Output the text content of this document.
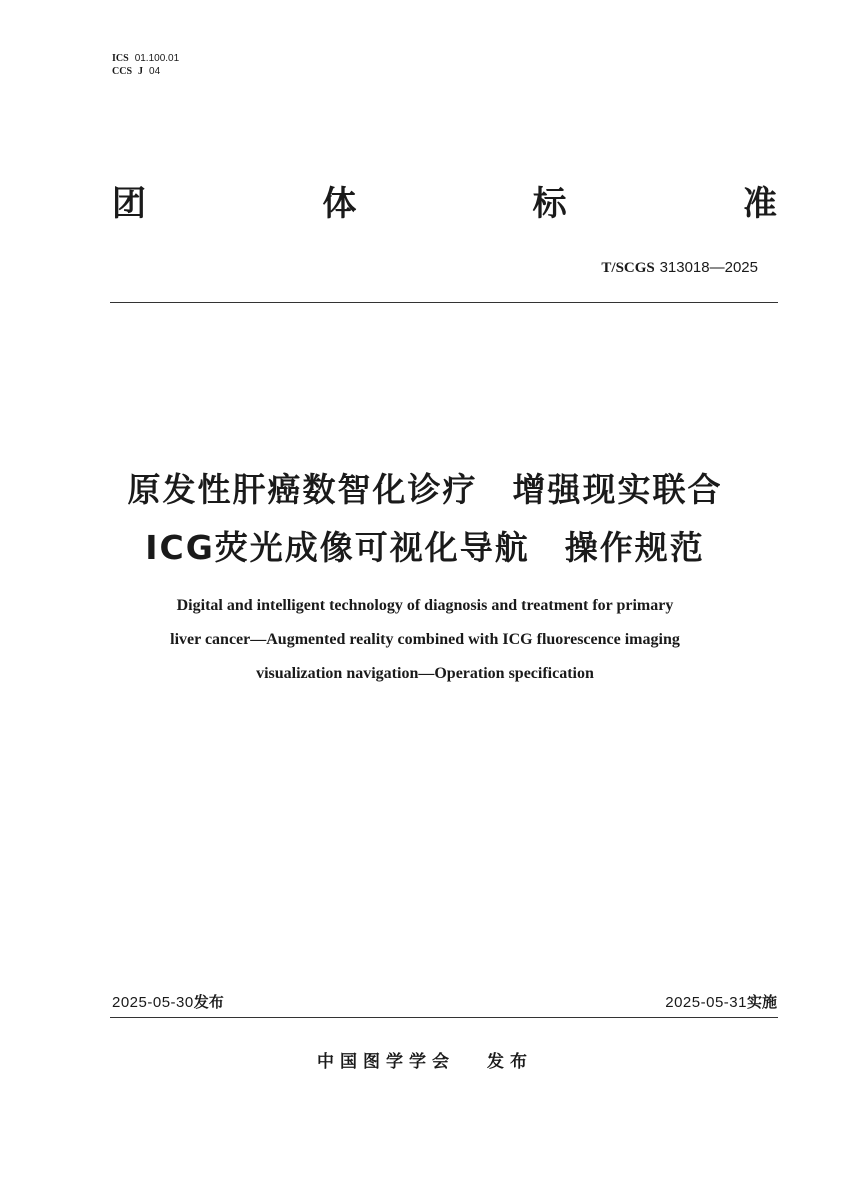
ICS 01.100.01
CCS J 04
团	体	标	准
T/SCGS 313018—2025
原发性肝癌数智化诊疗　增强现实联合
ICG荧光成像可视化导航　操作规范
Digital and intelligent technology of diagnosis and treatment for primary
liver cancer—Augmented reality combined with ICG fluorescence imaging
visualization navigation—Operation specification
2025-05-30发布	2025-05-31实施
中国图学学会 发布
